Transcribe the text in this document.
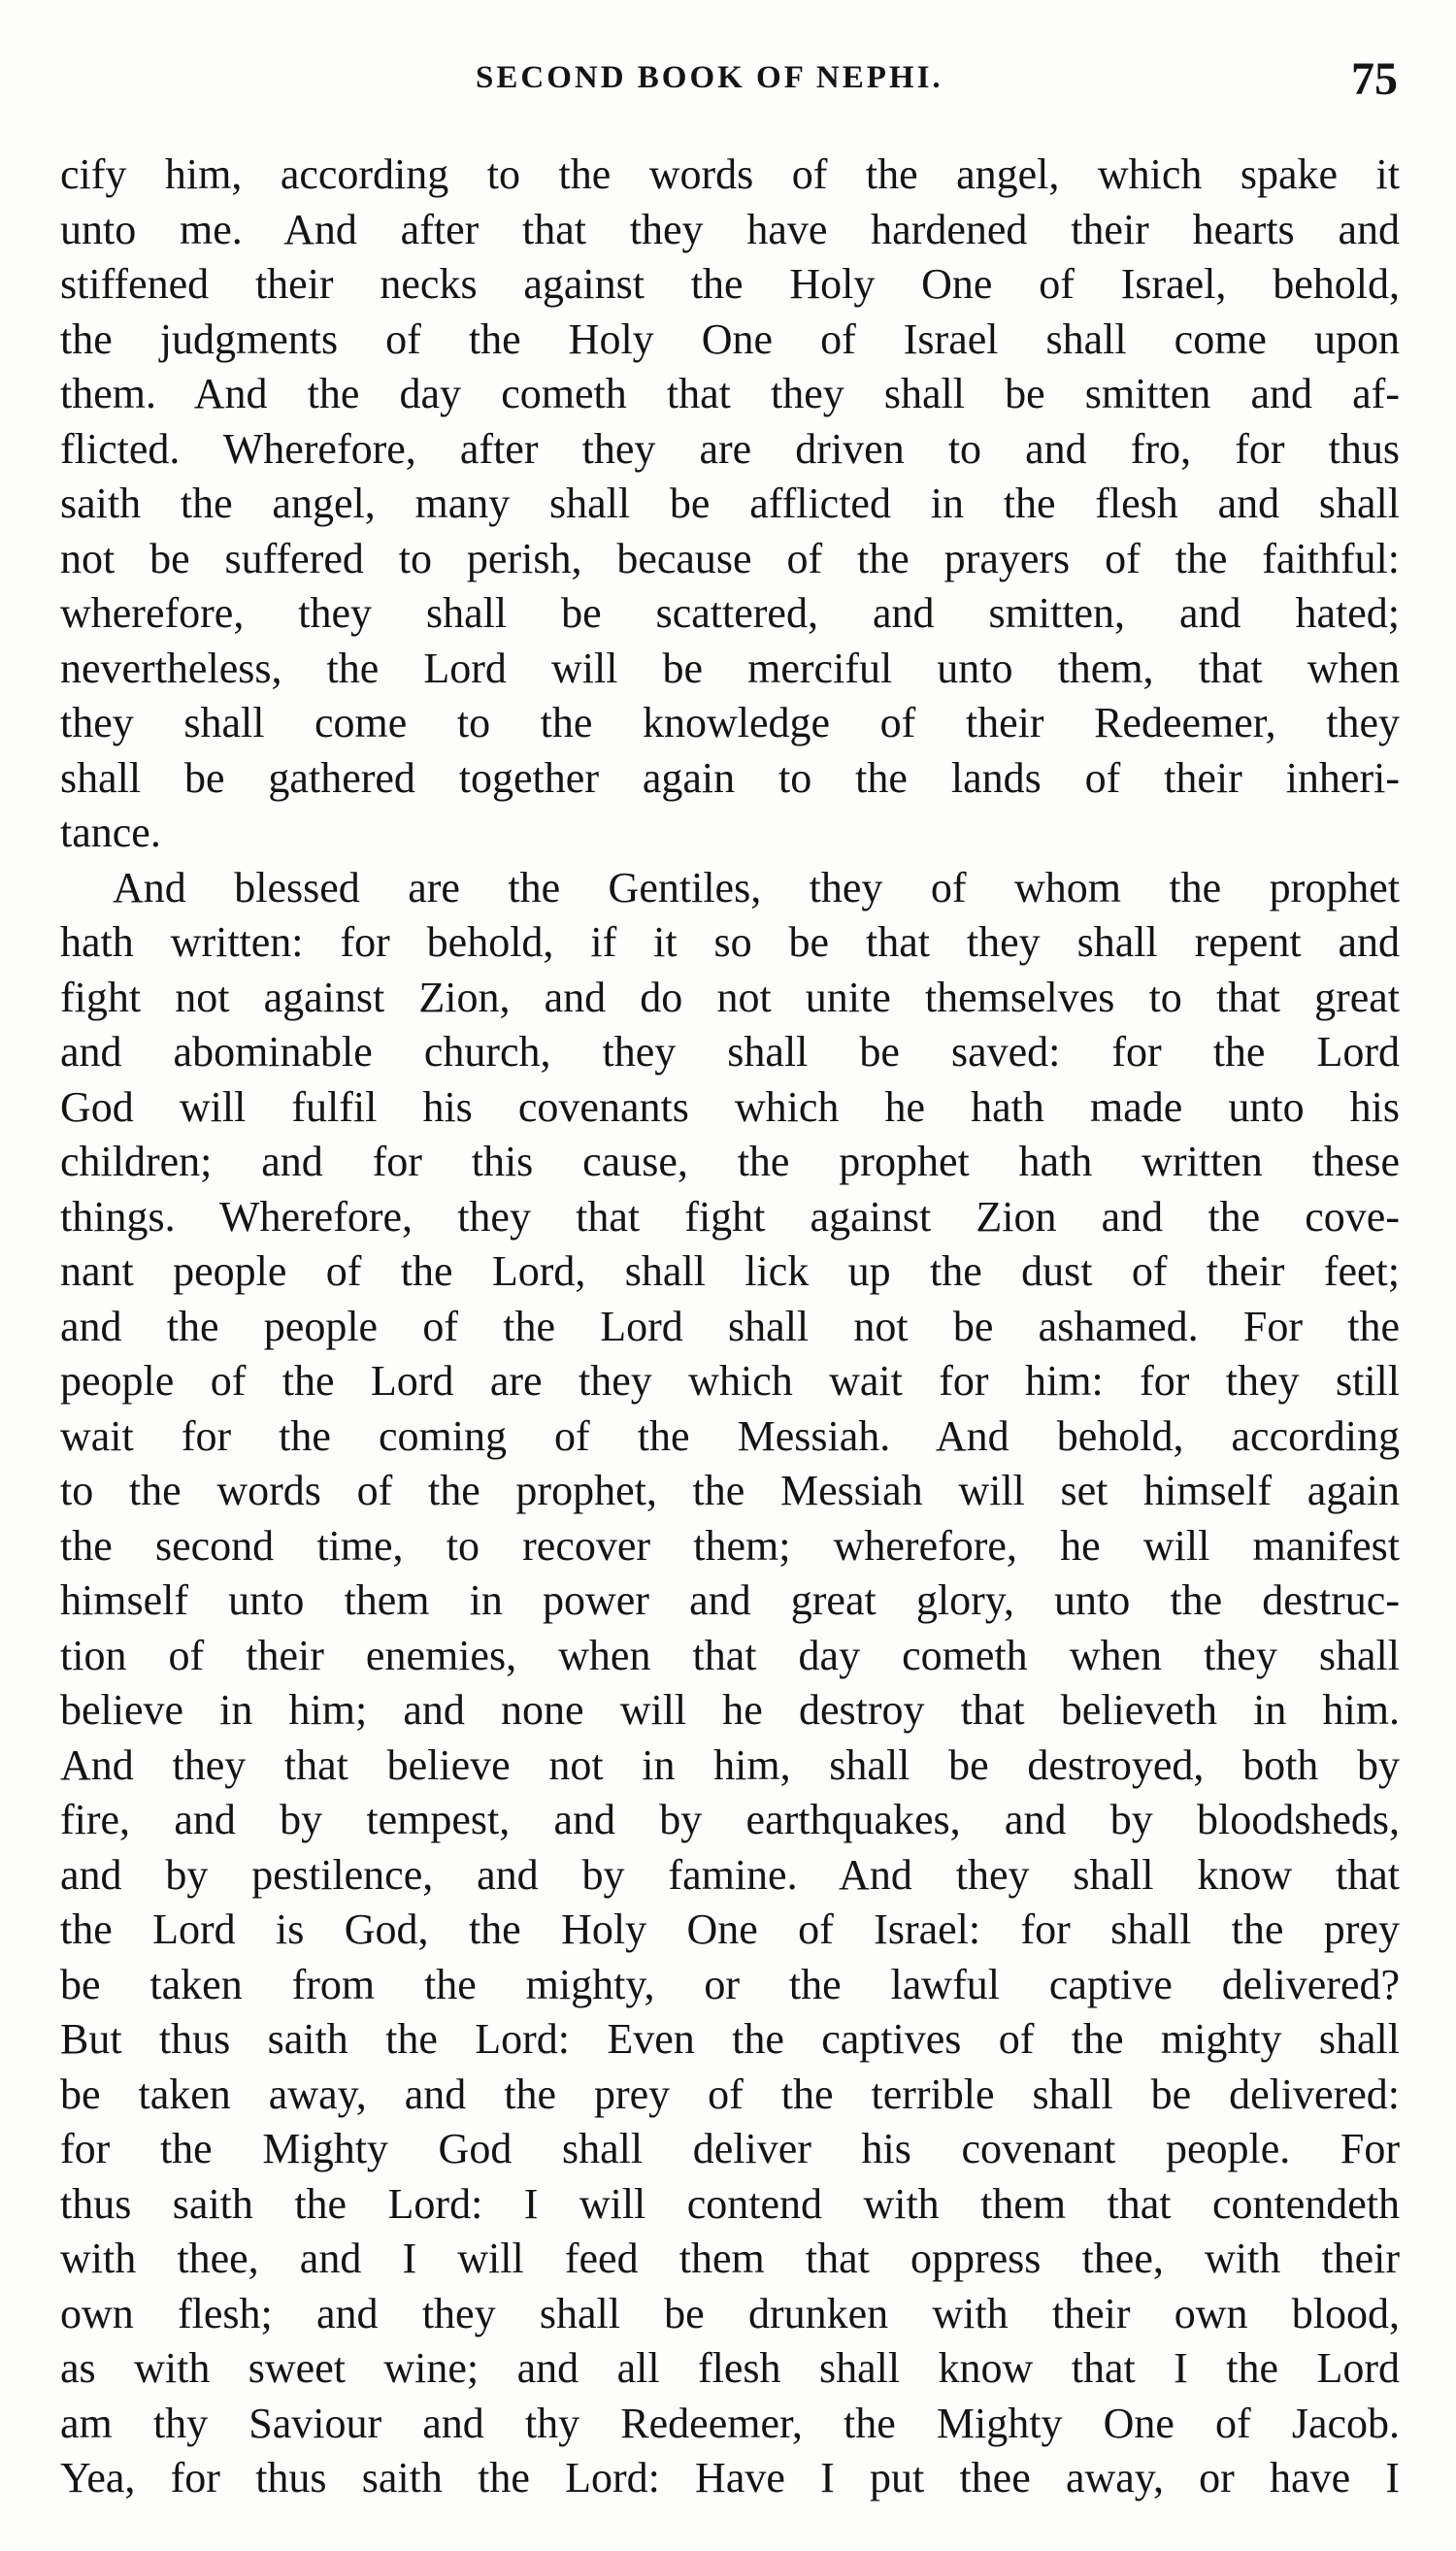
SECOND BOOK OF NEPHI.	75
cify him, according to the words of the angel, which spake it
unto me. And after that they have hardened their hearts and
stiffened their necks against the Holy One of Israel, behold,
the judgments of the Holy One of Israel shall come upon
them. And the day cometh that they shall be smitten and af-
flicted. Wherefore, after they are driven to and fro, for thus
saith the angel, many shall be afflicted in the flesh and shall
not be suffered to perish, because of the prayers of the faithful:
wherefore, they shall be scattered, and smitten, and hated;
nevertheless, the Lord will be merciful unto them, that when
they shall come to the knowledge of their Redeemer, they
shall be gathered together again to the lands of their inheri-
tance.
And blessed are the Gentiles, they of whom the prophet
hath written: for behold, if it so be that they shall repent and
fight not against Zion, and do not unite themselves to that great
and abominable church, they shall be saved: for the Lord
God will fulfil his covenants which he hath made unto his
children; and for this cause, the prophet hath written these
things. Wherefore, they that fight against Zion and the cove-
nant people of the Lord, shall lick up the dust of their feet;
and the people of the Lord shall not be ashamed. For the
people of the Lord are they which wait for him: for they still
wait for the coming of the Messiah. And behold, according
to the words of the prophet, the Messiah will set himself again
the second time, to recover them; wherefore, he will manifest
himself unto them in power and great glory, unto the destruc-
tion of their enemies, when that day cometh when they shall
believe in him; and none will he destroy that believeth in him.
And they that believe not in him, shall be destroyed, both by
fire, and by tempest, and by earthquakes, and by bloodsheds,
and by pestilence, and by famine. And they shall know that
the Lord is God, the Holy One of Israel: for shall the prey
be taken from the mighty, or the lawful captive delivered?
But thus saith the Lord: Even the captives of the mighty shall
be taken away, and the prey of the terrible shall be delivered:
for the Mighty God shall deliver his covenant people. For
thus saith the Lord: I will contend with them that contendeth
with thee, and I will feed them that oppress thee, with their
own flesh; and they shall be drunken with their own blood,
as with sweet wine; and all flesh shall know that I the Lord
am thy Saviour and thy Redeemer, the Mighty One of Jacob.
Yea, for thus saith the Lord: Have I put thee away, or have I
